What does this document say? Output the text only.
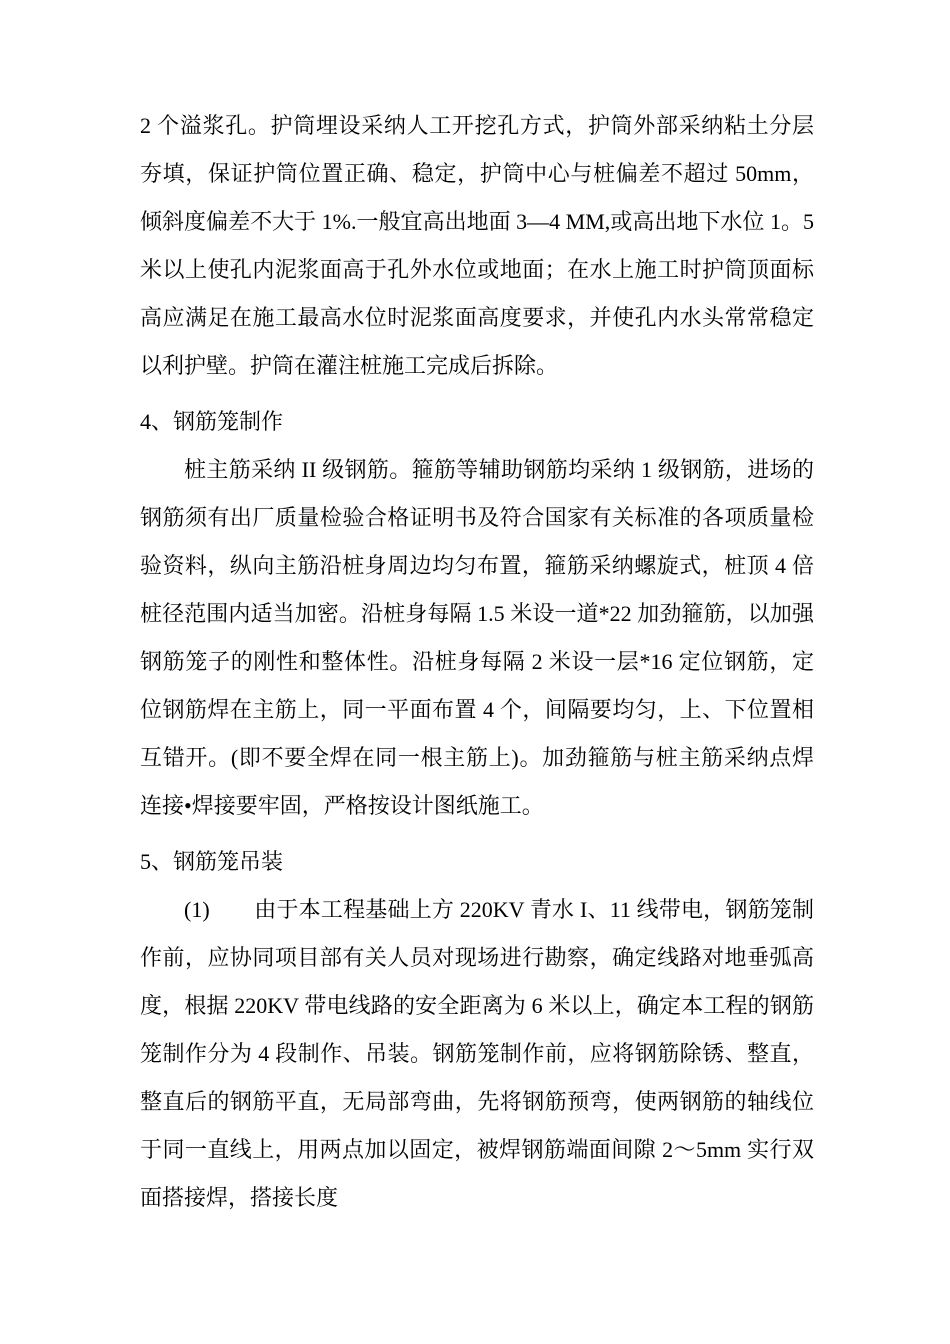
2 个溢浆孔。护筒埋设采纳人工开挖孔方式，护筒外部采纳粘土分层夯填，保证护筒位置正确、稳定，护筒中心与桩偏差不超过 50mm，倾斜度偏差不大于 1%.一般宜高出地面 3—4 MM,或高出地下水位 1。5 米以上使孔内泥浆面高于孔外水位或地面；在水上施工时护筒顶面标高应满足在施工最高水位时泥浆面高度要求，并使孔内水头常常稳定以利护壁。护筒在灌注桩施工完成后拆除。

4、钢筋笼制作

桩主筋采纳 II 级钢筋。箍筋等辅助钢筋均采纳 1 级钢筋，进场的钢筋须有出厂质量检验合格证明书及符合国家有关标准的各项质量检验资料，纵向主筋沿桩身周边均匀布置，箍筋采纳螺旋式，桩顶 4 倍桩径范围内适当加密。沿桩身每隔 1.5 米设一道*22 加劲箍筋，以加强钢筋笼子的刚性和整体性。沿桩身每隔 2 米设一层*16 定位钢筋，定位钢筋焊在主筋上，同一平面布置 4 个，间隔要均匀，上、下位置相互错开。(即不要全焊在同一根主筋上)。加劲箍筋与桩主筋采纳点焊连接•焊接要牢固，严格按设计图纸施工。

5、钢筋笼吊装

(1)　　由于本工程基础上方 220KV 青水 I、11 线带电，钢筋笼制作前，应协同项目部有关人员对现场进行勘察，确定线路对地垂弧高度，根据 220KV 带电线路的安全距离为 6 米以上，确定本工程的钢筋笼制作分为 4 段制作、吊装。钢筋笼制作前，应将钢筋除锈、整直，整直后的钢筋平直，无局部弯曲，先将钢筋预弯，使两钢筋的轴线位于同一直线上，用两点加以固定，被焊钢筋端面间隙 2〜5mm 实行双面搭接焊，搭接长度
